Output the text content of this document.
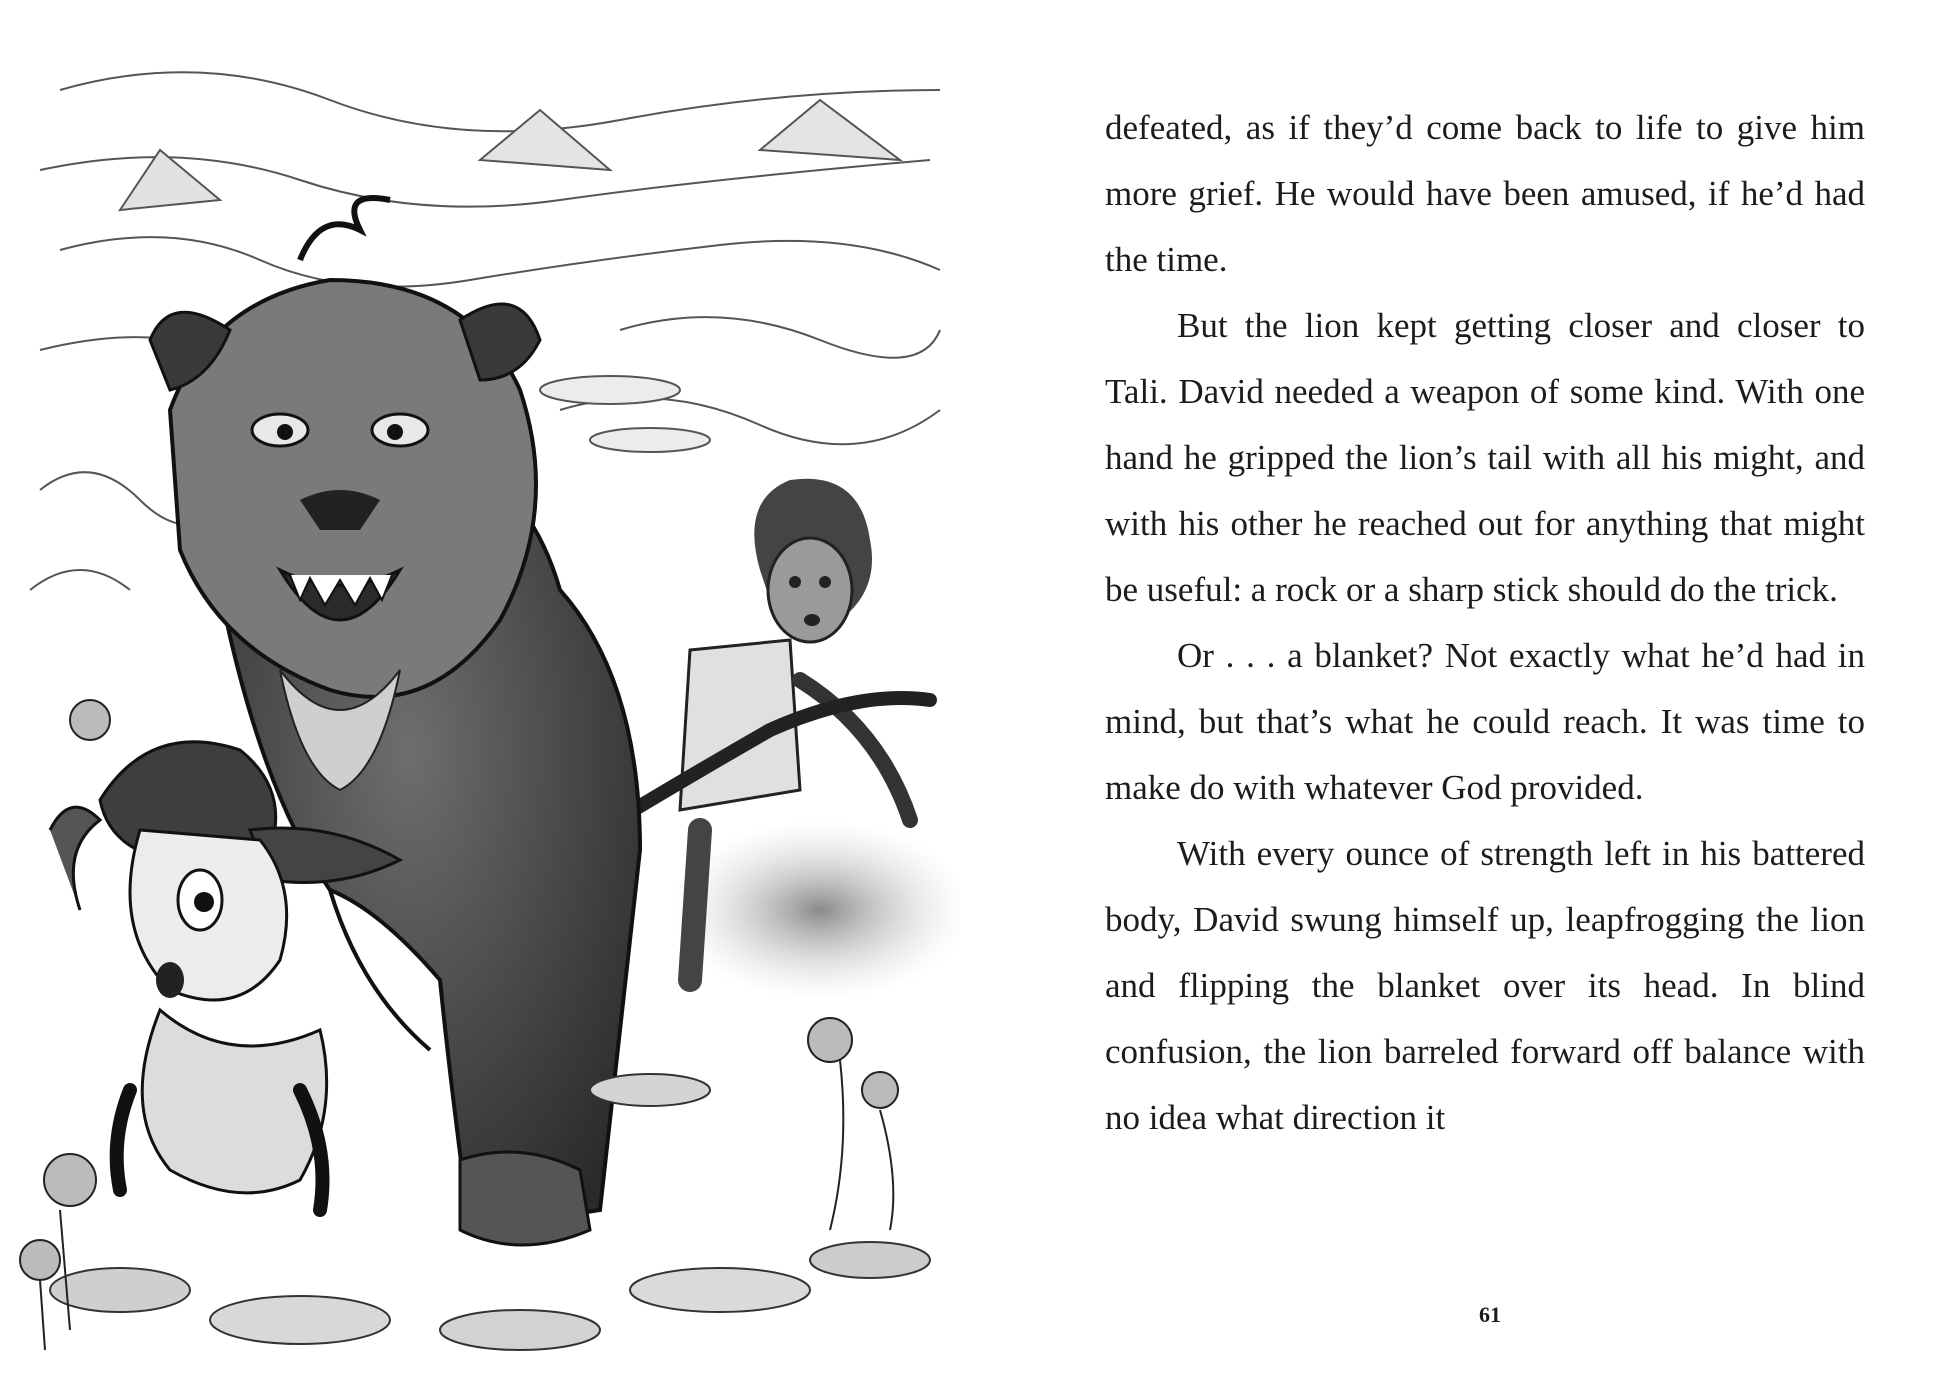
defeated, as if they’d come back to life to give him more grief. He would have been amused, if he’d had the time.

But the lion kept getting closer and closer to Tali. David needed a weapon of some kind. With one hand he gripped the lion’s tail with all his might, and with his other he reached out for anything that might be useful: a rock or a sharp stick should do the trick.

Or . . . a blanket? Not exactly what he’d had in mind, but that’s what he could reach. It was time to make do with whatever God provided.

With every ounce of strength left in his battered body, David swung himself up, leapfrogging the lion and flipping the blanket over its head. In blind confusion, the lion barreled forward off balance with no idea what direction it

61
